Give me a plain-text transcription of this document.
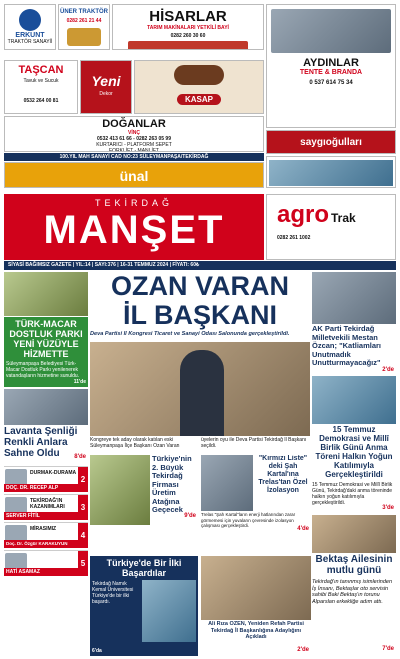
ERKUNT
TRAKTÖR SANAYİİ
ÜNER TRAKTÖR
0282 261 21 44	HİSARLAR
TARIM MAKİNALARI YETKİLİ BAYİ
0282 260 30 60
TAŞCAN
Tavuk ve Sucuk
0532 264 00 81
Yeni
Dekor
KASAP
AYDINLAR
TENTE & BRANDA
0 537 614 75 34
DOĞANLAR
VİNÇ
0532 413 61 66 - 0282 263 05 99
KURTARICI - PLATFORM SEPET
FORKLİFT - MANLİFT
100.YIL MAH SANAYİ CAD NO:23 SÜLEYMANPAŞA/TEKİRDAĞ
ünal
saygıoğulları
TEKİRDAĞ
MANŞET	agro Trak
0282 261 1002
SİYASİ BAĞIMSIZ GAZETE | YIL:14 | SAYI:376 | 16-31 TEMMUZ 2024 | FİYATI: 60₺
OZAN VARAN
İL BAŞKANI
Deva Partisi İl Kongresi Ticaret ve Sanayi Odası Salonunda gerçekleştirildi.
Kongreye tek aday olarak katılan eski Süleymanpaşa İlçe Başkanı Ozan Varan
üyelerin oyu ile Deva Partisi Tekirdağ İl Başkanı seçildi.
TÜRK-MACAR DOSTLUK PARKI YENİ YÜZÜYLE HİZMETTE
Süleymanpaşa Belediyesi Türk-Macar Dostluk Parkı yenilenerek vatandaşların hizmetine sunuldu.
11'de
Lavanta Şenliği Renkli Anlara Sahne Oldu	8'de
DURMAK-DURAMA
DOÇ. DR. RECEP ALP
2
TEKİRDAĞ'IN KAZANIMLARI
SERVER FİTİL
3
MİRASIMIZ
Doç. Dr. Özgür KARAKUYUN
4
HATİ ASAMAZ
5
AK Parti Tekirdağ Milletvekili Mestan Özcan; "Katliamları Unutmadık Unutturmayacağız"
2'de
15 Temmuz Demokrasi ve Millî Birlik Günü Anma Töreni Halkın Yoğun Katılımıyla Gerçekleştirildi
15 Temmuz Demokrasi ve Millî Birlik Günü, Tekirdağ'daki anma töreninde halkın yoğun katılımıyla gerçekleştirildi.
3'de
Bektaş Ailesinin mutlu günü
Tekirdağ'ın tanınmış isimlerinden İş İnsanı, Bektaşlar oto servisin sahibi Baki Bektaş'ın torunu Alparslan erkekliğe adım attı.
7'de
Türkiye'nin 2. Büyük Tekirdağ Firması Üretim Atağına Geçecek
9'de
"Kırmızı Liste" deki Şah Kartal'ına Trelas'tan Özel İzolasyon
Trelas "Şah Kartal"ların enerji hatlarından zarar görmemesi için yuvaların çevresinde izolasyon çalışması gerçekleştirdi.
4'de
Türkiye'de Bir İlki Başardılar
Tekirdağ Namık Kemal Üniversitesi Türkiye'de bir ilki başardı.
6'da
Ali Rıza ÖZEN, Yeniden Refah Partisi Tekirdağ İl Başkanlığına Adaylığını Açıkladı
2'de
